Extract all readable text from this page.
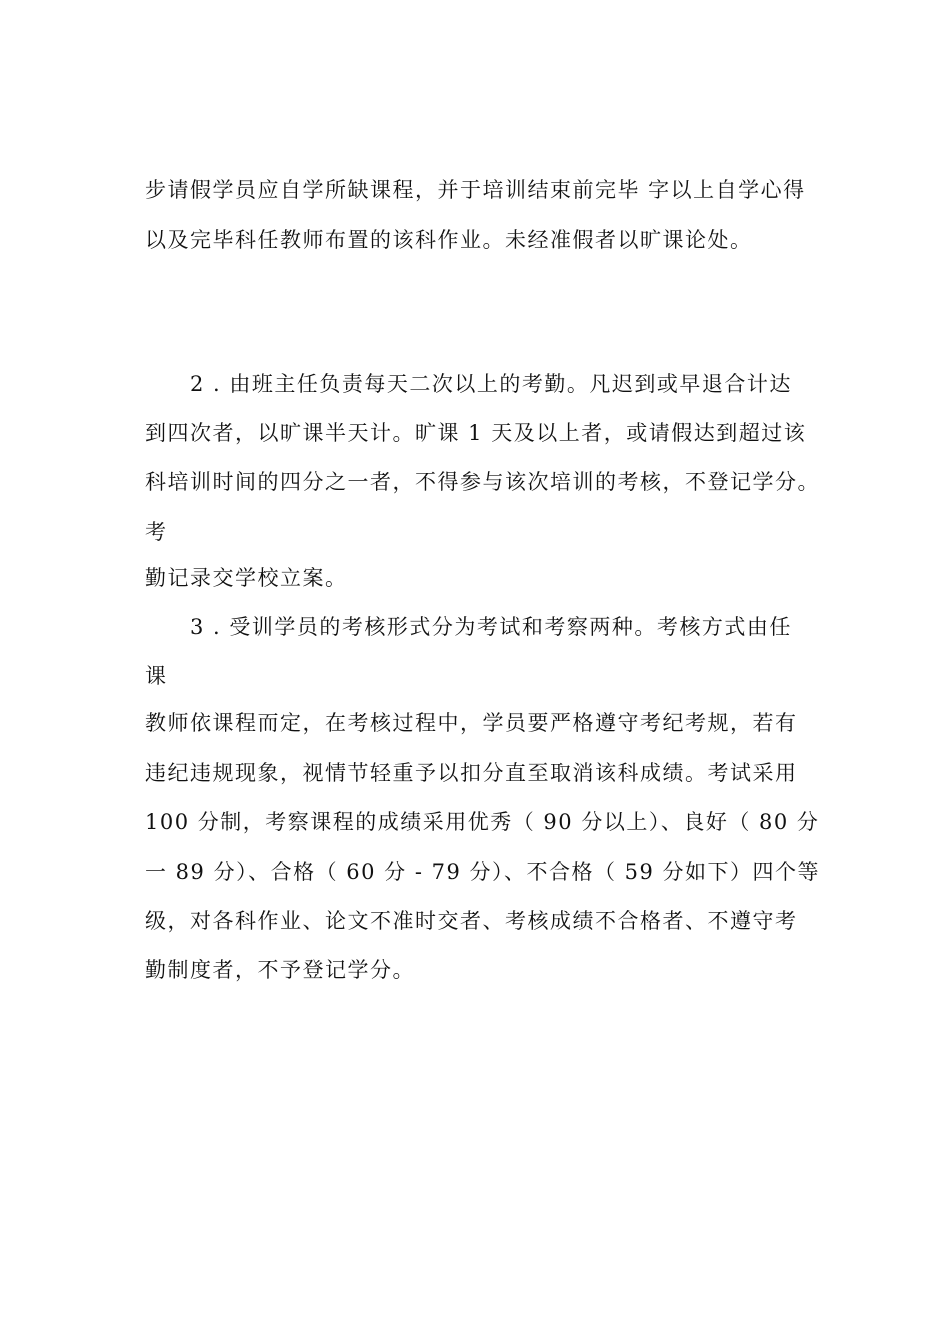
步请假学员应自学所缺课程，并于培训结束前完毕 字以上自学心得
以及完毕科任教师布置的该科作业。未经准假者以旷课论处。
2 . 由班主任负责每天二次以上的考勤。凡迟到或早退合计达
到四次者，以旷课半天计。旷课 1 天及以上者，或请假达到超过该
科培训时间的四分之一者，不得参与该次培训的考核，不登记学分。
考
勤记录交学校立案。
3 . 受训学员的考核形式分为考试和考察两种。考核方式由任
课
教师依课程而定，在考核过程中，学员要严格遵守考纪考规，若有
违纪违规现象，视情节轻重予以扣分直至取消该科成绩。考试采用
100 分制，考察课程的成绩采用优秀（ 90 分以上）、良好（ 80 分
一 89 分）、合格（ 60 分 - 79 分）、不合格（ 59 分如下）四个等
级，对各科作业、论文不准时交者、考核成绩不合格者、不遵守考
勤制度者，不予登记学分。
